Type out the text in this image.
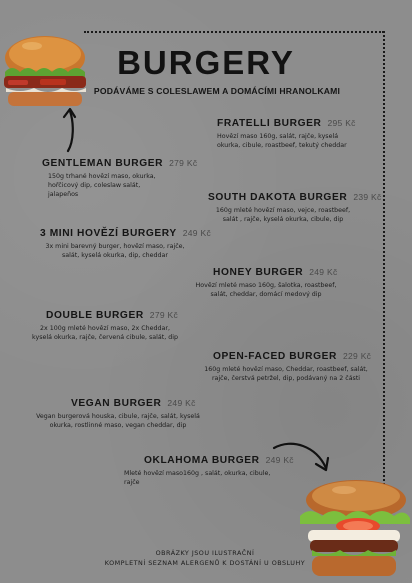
BURGERY
PODÁVÁME S COLESLAWEM A DOMÁCÍMI HRANOLKAMI
FRATELLI BURGER 295 Kč
Hovězí maso 160g, salát, rajče, kyselá okurka, cibule, roastbeef, tekutý cheddar
GENTLEMAN BURGER 279 Kč
150g trhané hovězí maso, okurka, hořčicový dip, coleslaw salát, jalapeños	SOUTH DAKOTA BURGER 239 Kč
160g mleté hovězí maso, vejce, roastbeef, salát , rajče, kyselá okurka, cibule, dip
3 MINI HOVĚZÍ BURGERY 249 Kč
3x mini barevný burger, hovězí maso, rajče, salát, kyselá okurka, dip, cheddar
HONEY BURGER 249 Kč
Hovězí mleté maso 160g, šalotka, roastbeef, salát, cheddar, domácí medový dip
DOUBLE BURGER 279 Kč
2x 100g mleté hovězí maso, 2x Cheddar, kyselá okurka, rajče, červená cibule, salát, dip
OPEN-FACED BURGER 229 Kč
160g mleté hovězí maso, Cheddar, roastbeef, salát, rajče, čerstvá petržel, dip, podávaný na 2 části
VEGAN BURGER 249 Kč
Vegan burgerová houska, cibule, rajče, salát, kyselá okurka, rostlinné maso, vegan cheddar, dip
OKLAHOMA BURGER 249 Kč
Mleté hovězí maso160g , salát, okurka, cibule, rajče
OBRÁZKY JSOU ILUSTRAČNÍ
KOMPLETNÍ SEZNAM ALERGENŮ K DOSTÁNÍ U OBSLUHY
